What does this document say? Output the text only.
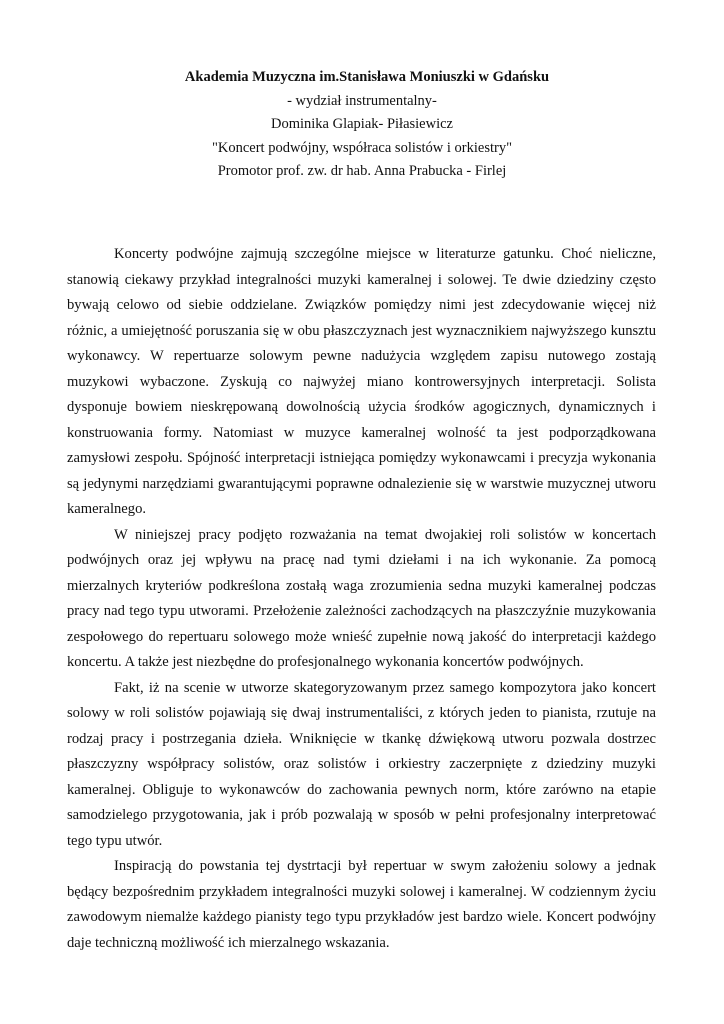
Akademia Muzyczna im.Stanisława Moniuszki w Gdańsku
- wydział instrumentalny-
Dominika Glapiak- Piłasiewicz
"Koncert podwójny, współraca solistów i orkiestry"
Promotor prof. zw. dr hab. Anna Prabucka - Firlej

Koncerty podwójne zajmują szczególne miejsce w literaturze gatunku. Choć nieliczne, stanowią ciekawy przykład integralności muzyki kameralnej i solowej. Te dwie dziedziny często bywają celowo od siebie oddzielane. Związków pomiędzy nimi jest zdecydowanie więcej niż różnic, a umiejętność poruszania się w obu płaszczyznach jest wyznacznikiem najwyższego kunsztu wykonawcy. W repertuarze solowym pewne nadużycia względem zapisu nutowego zostają muzykowi wybaczone. Zyskują co najwyżej miano kontrowersyjnych interpretacji. Solista dysponuje bowiem nieskrępowaną dowolnością użycia środków agogicznych, dynamicznych i konstruowania formy. Natomiast w muzyce kameralnej wolność ta jest podporządkowana zamysłowi zespołu. Spójność interpretacji istniejąca pomiędzy wykonawcami i precyzja wykonania są jedynymi narzędziami gwarantującymi poprawne odnalezienie się w warstwie muzycznej utworu kameralnego.

W niniejszej pracy podjęto rozważania na temat dwojakiej roli solistów w koncertach podwójnych oraz jej wpływu na pracę nad tymi dziełami i na ich wykonanie. Za pomocą mierzalnych kryteriów podkreślona zostałą waga zrozumienia sedna muzyki kameralnej podczas pracy nad tego typu utworami. Przełożenie zależności zachodzących na płaszczyźnie muzykowania zespołowego do repertuaru solowego może wnieść zupełnie nową jakość do interpretacji każdego koncertu. A także jest niezbędne do profesjonalnego wykonania koncertów podwójnych.

Fakt, iż na scenie w utworze skategoryzowanym przez samego kompozytora jako koncert solowy w roli solistów pojawiają się dwaj instrumentaliści, z których jeden to pianista, rzutuje na rodzaj pracy i postrzegania dzieła. Wniknięcie w tkankę dźwiękową utworu pozwala dostrzec płaszczyzny współpracy solistów, oraz solistów i orkiestry zaczerpnięte z dziedziny muzyki kameralnej. Obliguje to wykonawców do zachowania pewnych norm, które zarówno na etapie samodzielego przygotowania, jak i prób pozwalają w sposób w pełni profesjonalny interpretować tego typu utwór.

Inspiracją do powstania tej dystrtacji był repertuar w swym założeniu solowy a jednak będący bezpośrednim przykładem integralności muzyki solowej i kameralnej. W codziennym życiu zawodowym niemalże każdego pianisty tego typu przykładów jest bardzo wiele. Koncert podwójny daje techniczną możliwość ich mierzalnego wskazania.
